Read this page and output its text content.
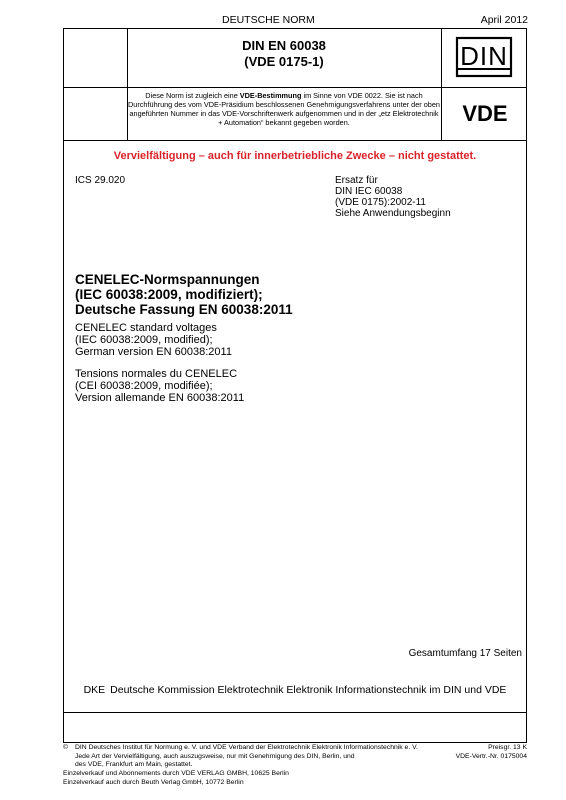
DEUTSCHE NORM	April 2012
DIN EN 60038
(VDE 0175-1)	DIN
Diese Norm ist zugleich eine VDE-Bestimmung im Sinne von VDE 0022. Sie ist nach Durchführung des vom VDE-Präsidium beschlossenen Genehmigungsverfahrens unter der oben angeführten Nummer in das VDE-Vorschriftenwerk aufgenommen und in der „etz Elektrotechnik + Automation“ bekannt gegeben worden.	VDE
Vervielfältigung – auch für innerbetriebliche Zwecke – nicht gestattet.
ICS 29.020	Ersatz für
DIN IEC 60038
(VDE 0175):2002-11
Siehe Anwendungsbeginn
CENELEC-Normspannungen
(IEC 60038:2009, modifiziert);
Deutsche Fassung EN 60038:2011
CENELEC standard voltages
(IEC 60038:2009, modified);
German version EN 60038:2011
Tensions normales du CENELEC
(CEI 60038:2009, modifiée);
Version allemande EN 60038:2011
Gesamtumfang 17 Seiten
DKE Deutsche Kommission Elektrotechnik Elektronik Informationstechnik im DIN und VDE
© DIN Deutsches Institut für Normung e. V. und VDE Verband der Elektrotechnik Elektronik Informationstechnik e. V.
Jede Art der Vervielfältigung, auch auszugsweise, nur mit Genehmigung des DIN, Berlin, und
des VDE, Frankfurt am Main, gestattet.
Einzelverkauf und Abonnements durch VDE VERLAG GMBH, 10625 Berlin
Einzelverkauf auch durch Beuth Verlag GmbH, 10772 Berlin
Preisgr. 13 K
VDE-Vertr.-Nr. 0175004
